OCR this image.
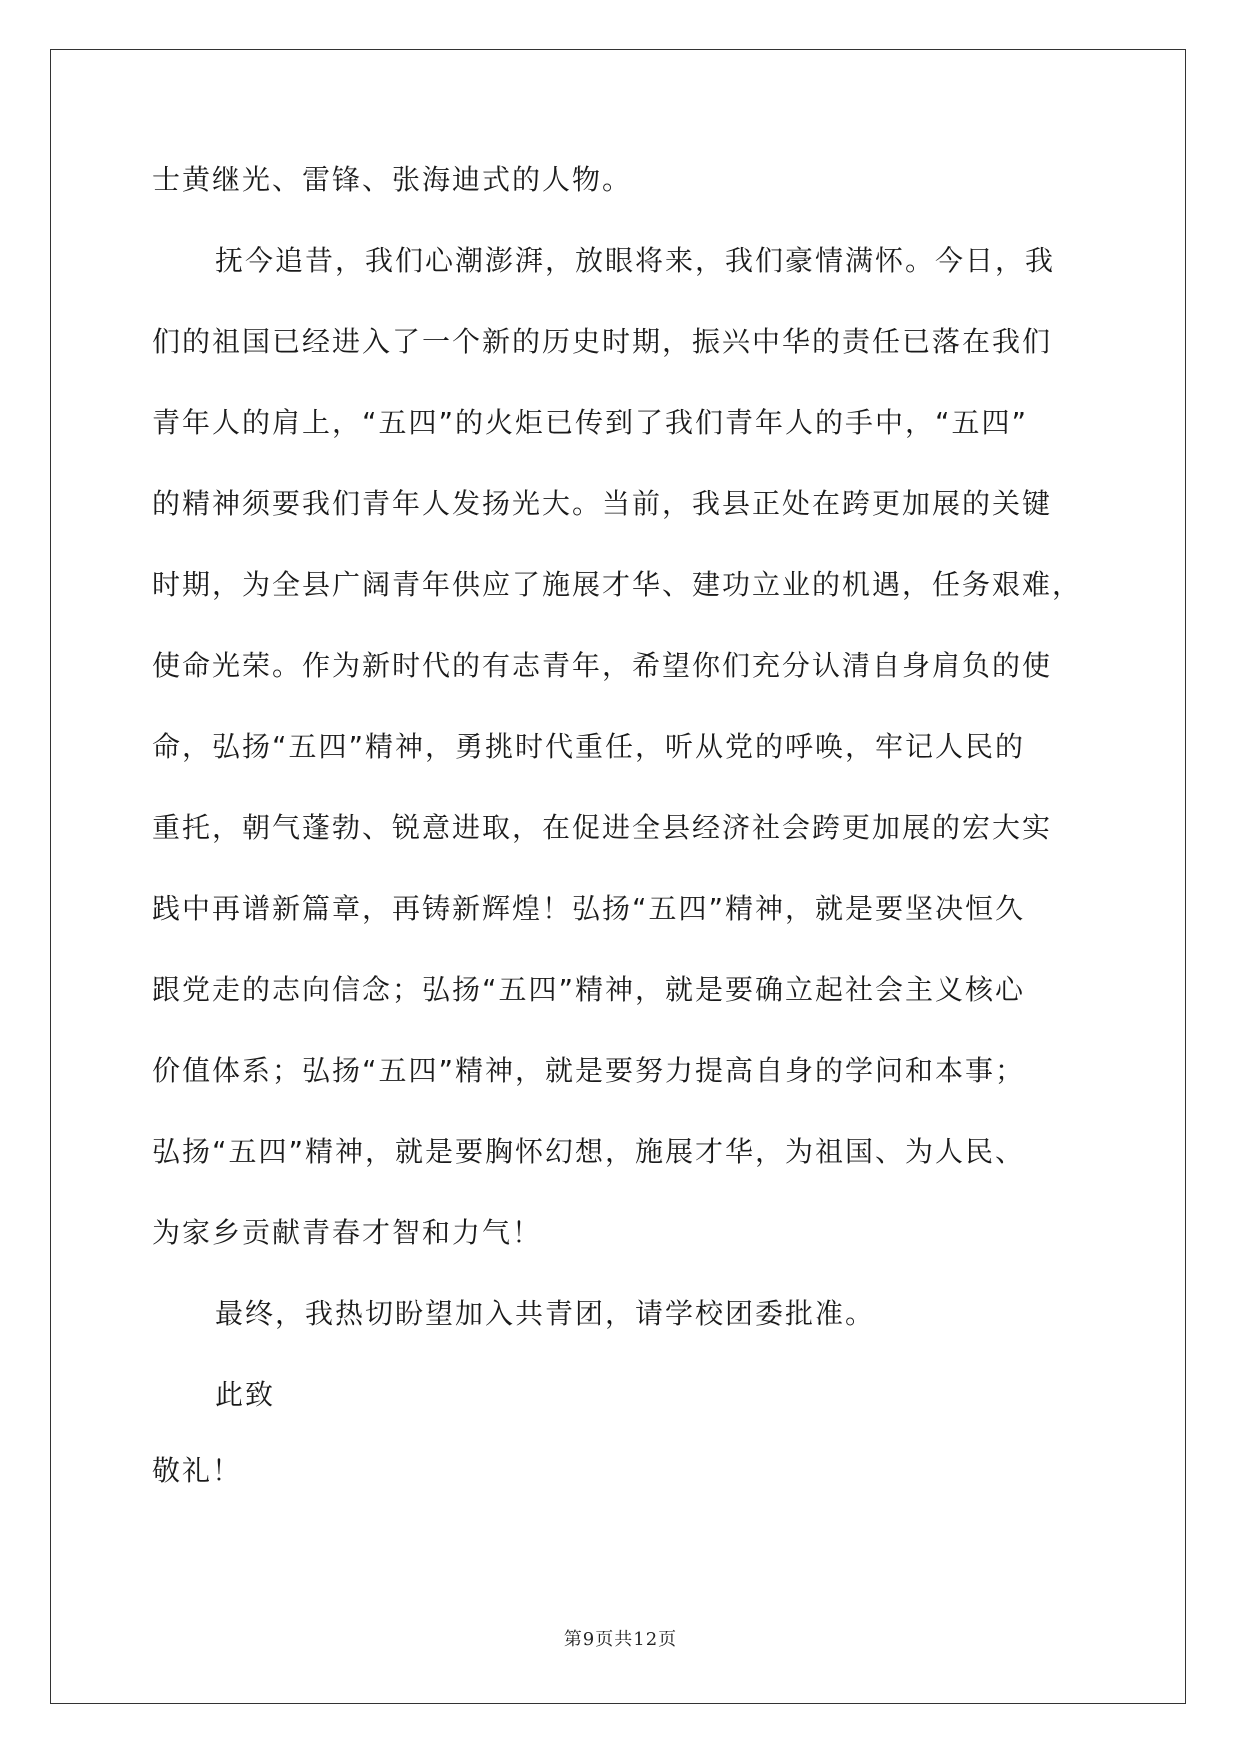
士黄继光、雷锋、张海迪式的人物。
抚今追昔，我们心潮澎湃，放眼将来，我们豪情满怀。今日，我
们的祖国已经进入了一个新的历史时期，振兴中华的责任已落在我们
青年人的肩上，“五四”的火炬已传到了我们青年人的手中，“五四”
的精神须要我们青年人发扬光大。当前，我县正处在跨更加展的关键
时期，为全县广阔青年供应了施展才华、建功立业的机遇，任务艰难，
使命光荣。作为新时代的有志青年，希望你们充分认清自身肩负的使
命，弘扬“五四”精神，勇挑时代重任，听从党的呼唤，牢记人民的
重托，朝气蓬勃、锐意进取，在促进全县经济社会跨更加展的宏大实
践中再谱新篇章，再铸新辉煌！弘扬“五四”精神，就是要坚决恒久
跟党走的志向信念；弘扬“五四”精神，就是要确立起社会主义核心
价值体系；弘扬“五四”精神，就是要努力提高自身的学问和本事；
弘扬“五四”精神，就是要胸怀幻想，施展才华，为祖国、为人民、
为家乡贡献青春才智和力气！
最终，我热切盼望加入共青团，请学校团委批准。
此致
敬礼！
第9页共12页
